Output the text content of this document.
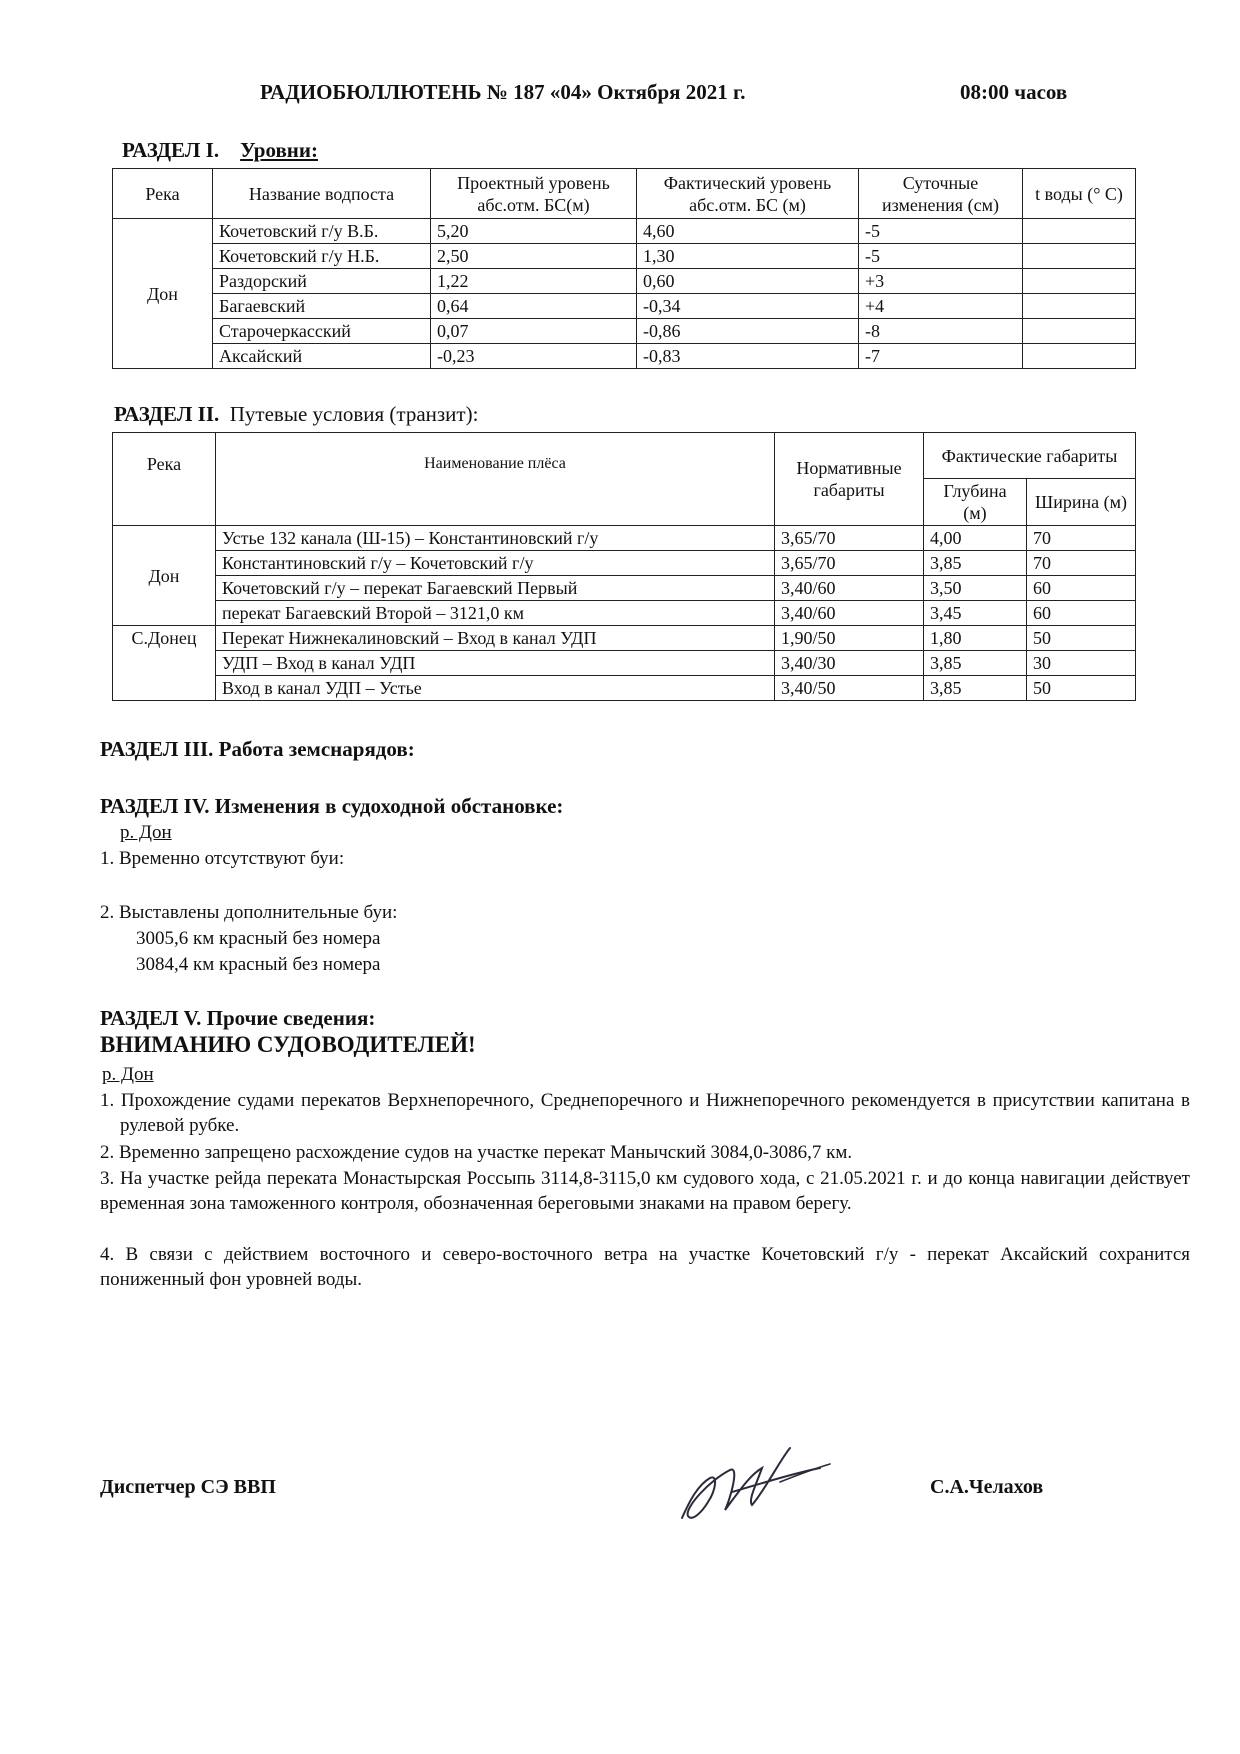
РАДИОБЮЛЛЮТЕНЬ № 187 «04» Октября 2021 г.	08:00 часов
РАЗДЕЛ I. Уровни:
Река	Название водпоста	Проектный уровень абс.отм. БС(м)	Фактический уровень абс.отм. БС (м)	Суточные изменения (см)	t воды (° С)
Дон	Кочетовский г/у В.Б.	5,20	4,60	-5	
	Кочетовский г/у Н.Б.	2,50	1,30	-5	
	Раздорский	1,22	0,60	+3	
	Багаевский	0,64	-0,34	+4	
	Старочеркасский	0,07	-0,86	-8	
	Аксайский	-0,23	-0,83	-7	
РАЗДЕЛ II. Путевые условия (транзит):
Река	Наименование плёса	Нормативные габариты	Фактические габариты	
			Глубина (м)	Ширина (м)
Дон	Устье 132 канала (Ш-15) – Константиновский г/у	3,65/70	4,00	70
	Константиновский г/у – Кочетовский г/у	3,65/70	3,85	70
	Кочетовский г/у – перекат Багаевский Первый	3,40/60	3,50	60
	перекат Багаевский Второй – 3121,0 км	3,40/60	3,45	60
С.Донец	Перекат Нижнекалиновский – Вход в канал УДП	1,90/50	1,80	50
	УДП – Вход в канал УДП	3,40/30	3,85	30
	Вход в канал УДП – Устье	3,40/50	3,85	50
РАЗДЕЛ III. Работа земснарядов:
РАЗДЕЛ IV. Изменения в судоходной обстановке:
р. Дон
1. Временно отсутствуют буи:
2. Выставлены дополнительные буи:
3005,6 км красный без номера
3084,4 км красный без номера
РАЗДЕЛ V. Прочие сведения:
ВНИМАНИЮ СУДОВОДИТЕЛЕЙ!
р. Дон
1. Прохождение судами перекатов Верхнепоречного, Среднепоречного и Нижнепоречного рекомендуется в присутствии капитана в рулевой рубке.
2. Временно запрещено расхождение судов на участке перекат Манычский 3084,0-3086,7 км.
3. На участке рейда переката Монастырская Россыпь 3114,8-3115,0 км судового хода, с 21.05.2021 г. и до конца навигации действует временная зона таможенного контроля, обозначенная береговыми знаками на правом берегу.
4. В связи с действием восточного и северо-восточного ветра на участке Кочетовский г/у - перекат Аксайский сохранится пониженный фон уровней воды.
Диспетчер СЭ ВВП	С.А.Челахов
